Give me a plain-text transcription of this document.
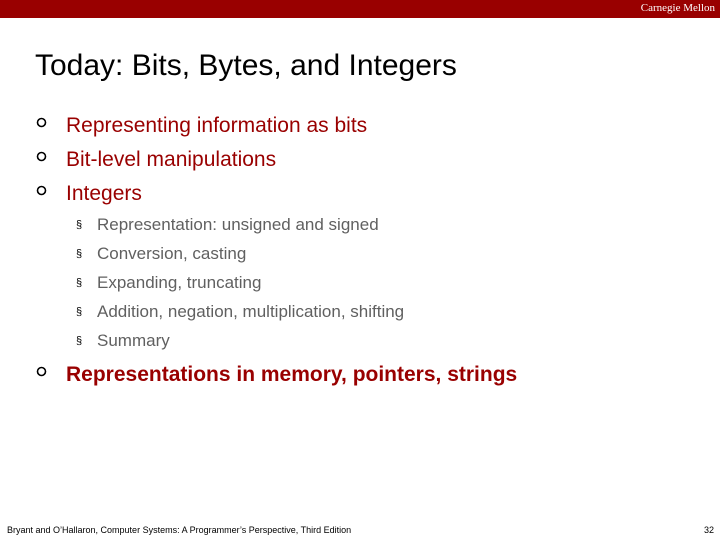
Carnegie Mellon
Today: Bits, Bytes, and Integers
Representing information as bits
Bit-level manipulations
Integers
§ Representation: unsigned and signed
§ Conversion, casting
§ Expanding, truncating
§ Addition, negation, multiplication, shifting
§ Summary
Representations in memory, pointers, strings
Bryant and O’Hallaron, Computer Systems: A Programmer’s Perspective, Third Edition	32
